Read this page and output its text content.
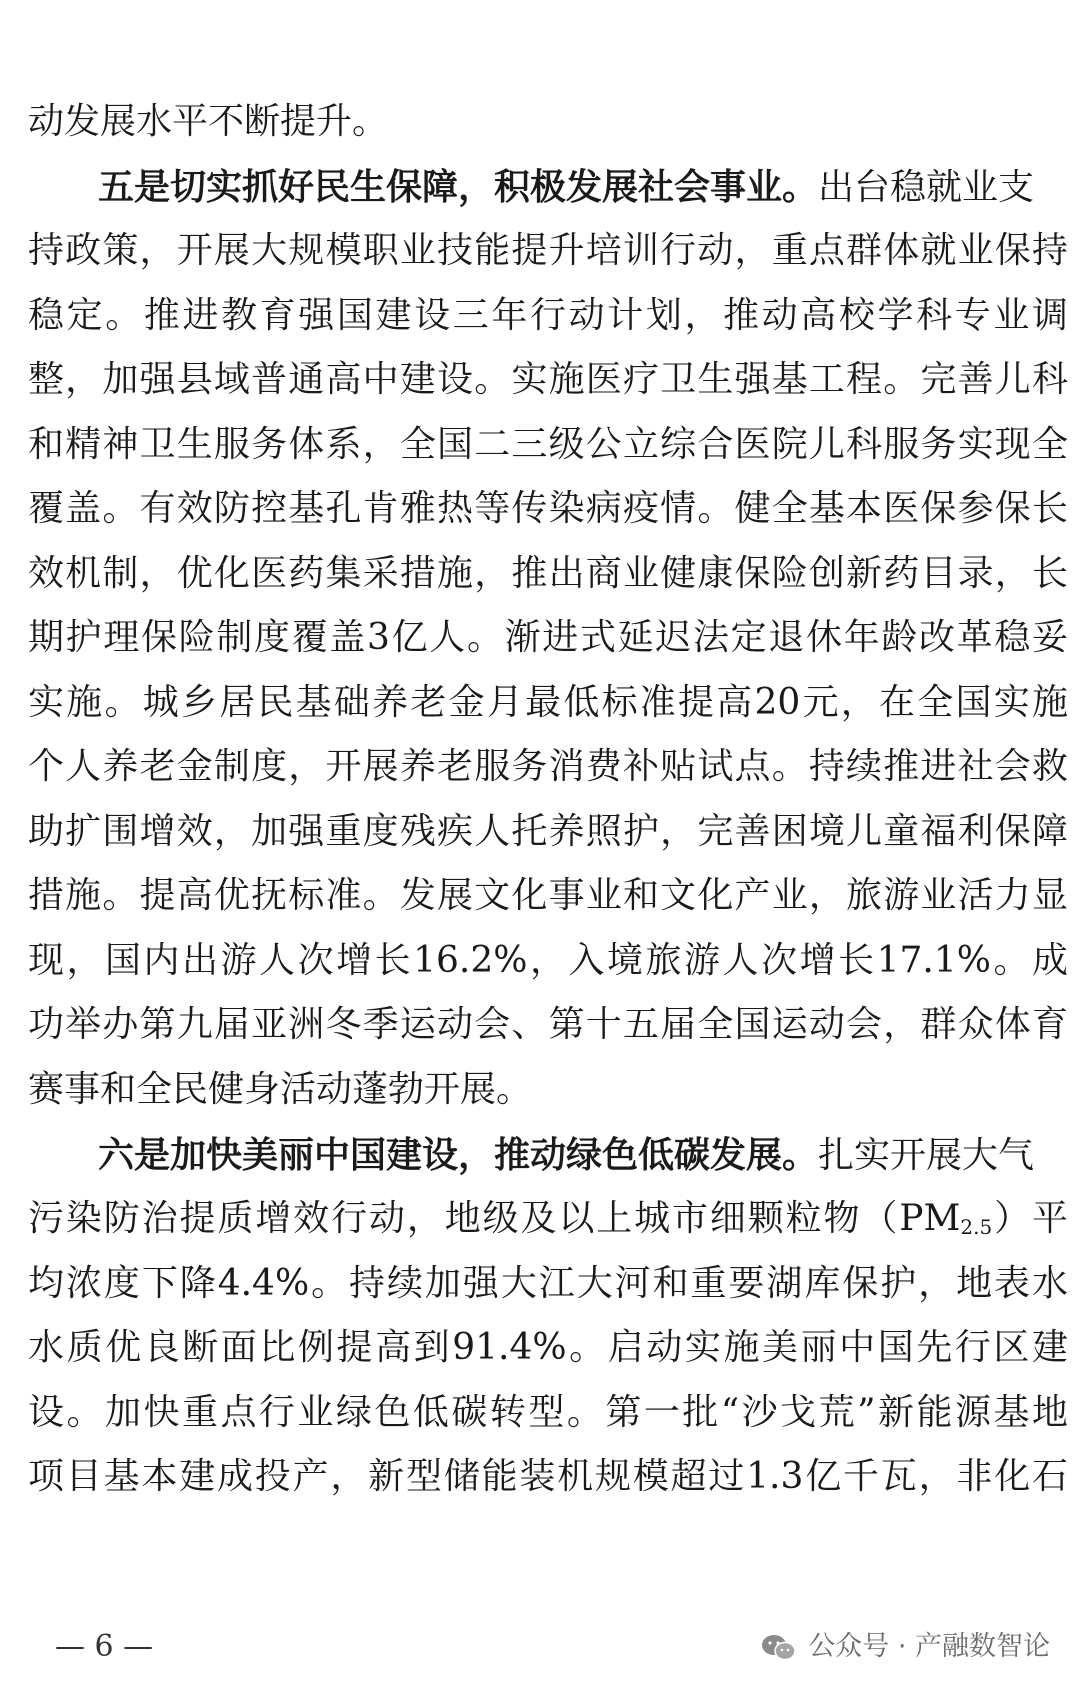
动发展水平不断提升。
五是切实抓好民生保障，积极发展社会事业。出台稳就业支
持政策，开展大规模职业技能提升培训行动，重点群体就业保持
稳定。推进教育强国建设三年行动计划，推动高校学科专业调
整，加强县域普通高中建设。实施医疗卫生强基工程。完善儿科
和精神卫生服务体系，全国二三级公立综合医院儿科服务实现全
覆盖。有效防控基孔肯雅热等传染病疫情。健全基本医保参保长
效机制，优化医药集采措施，推出商业健康保险创新药目录，长
期护理保险制度覆盖3亿人。渐进式延迟法定退休年龄改革稳妥
实施。城乡居民基础养老金月最低标准提高20元，在全国实施
个人养老金制度，开展养老服务消费补贴试点。持续推进社会救
助扩围增效，加强重度残疾人托养照护，完善困境儿童福利保障
措施。提高优抚标准。发展文化事业和文化产业，旅游业活力显
现，国内出游人次增长16.2%，入境旅游人次增长17.1%。成
功举办第九届亚洲冬季运动会、第十五届全国运动会，群众体育
赛事和全民健身活动蓬勃开展。
六是加快美丽中国建设，推动绿色低碳发展。扎实开展大气
污染防治提质增效行动，地级及以上城市细颗粒物$(PM_{2.5})$平
均浓度下降4.4%。持续加强大江大河和重要湖库保护，地表水
水质优良断面比例提高到91.4%。启动实施美丽中国先行区建
设。加快重点行业绿色低碳转型。第一批“沙戈荒”新能源基地
项目基本建成投产，新型储能装机规模超过1.3亿千瓦，非化石
— 6 —	公众号 · 产融数智论
